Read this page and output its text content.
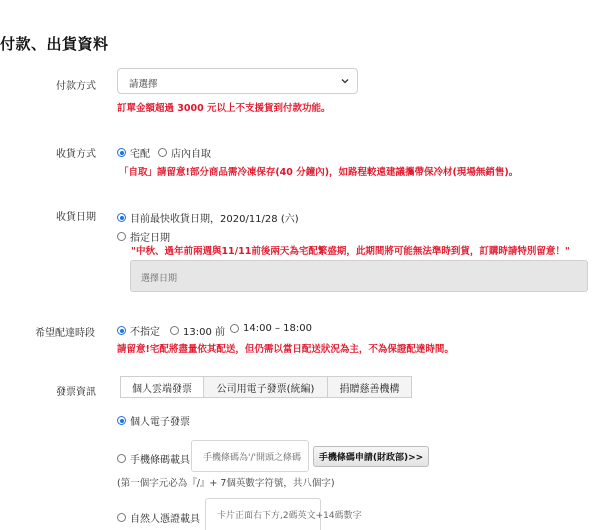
付款、出貨資料
付款方式	請選擇
訂單金額超過 3000 元以上不支援貨到付款功能。
收貨方式	宅配 店內自取
「自取」請留意!部分商品需冷凍保存(40 分鐘內)，如路程較遠建議攜帶保冷材(現場無銷售)。
收貨日期	目前最快收貨日期，2020/11/28 (六)
指定日期
"中秋、過年前兩週與11/11前後兩天為宅配繁盛期，此期間將可能無法準時到貨，訂購時請特別留意！"
選擇日期
希望配達時段	不指定 13:00 前 14:00 – 18:00
請留意!宅配將盡量依其配送，但仍需以當日配送狀況為主，不為保證配達時間。
發票資訊	個人雲端發票	公司用電子發票(統編)	捐贈慈善機構
個人電子發票
手機條碼載具 手機條碼為'/'開頭之條碼	手機條碼申請(財政部)>>
(第一個字元必為『/』+ 7個英數字符號，共八個字)
自然人憑證載具 卡片正面右下方,2碼英文+14碼數字
